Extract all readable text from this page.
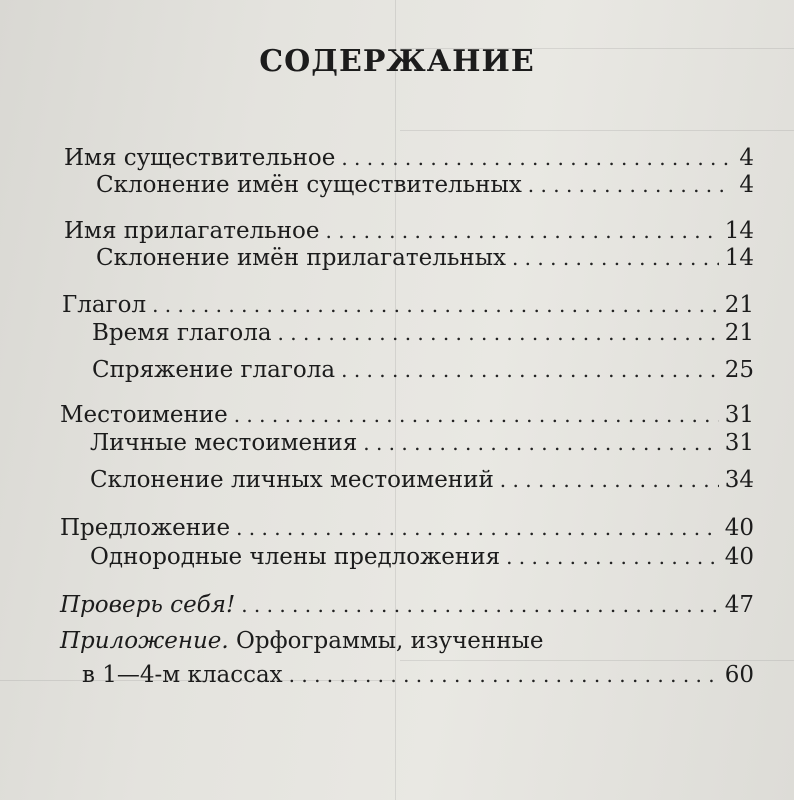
СОДЕРЖАНИЕ
Имя существительное . . .	4
Склонение имён существительных . . .	4
Имя прилагательное . . .	14
Склонение имён прилагательных . . .	14
Глагол . . .	21
Время глагола . . .	21
Спряжение глагола . . .	25
Местоимение . . .	31
Личные местоимения . . .	31
Склонение личных местоимений . . .	34
Предложение . . .	40
Однородные члены предложения . . .	40
Проверь себя! . . .	47
Приложение. Орфограммы, изученные
в 1—4-м классах . . .	60
